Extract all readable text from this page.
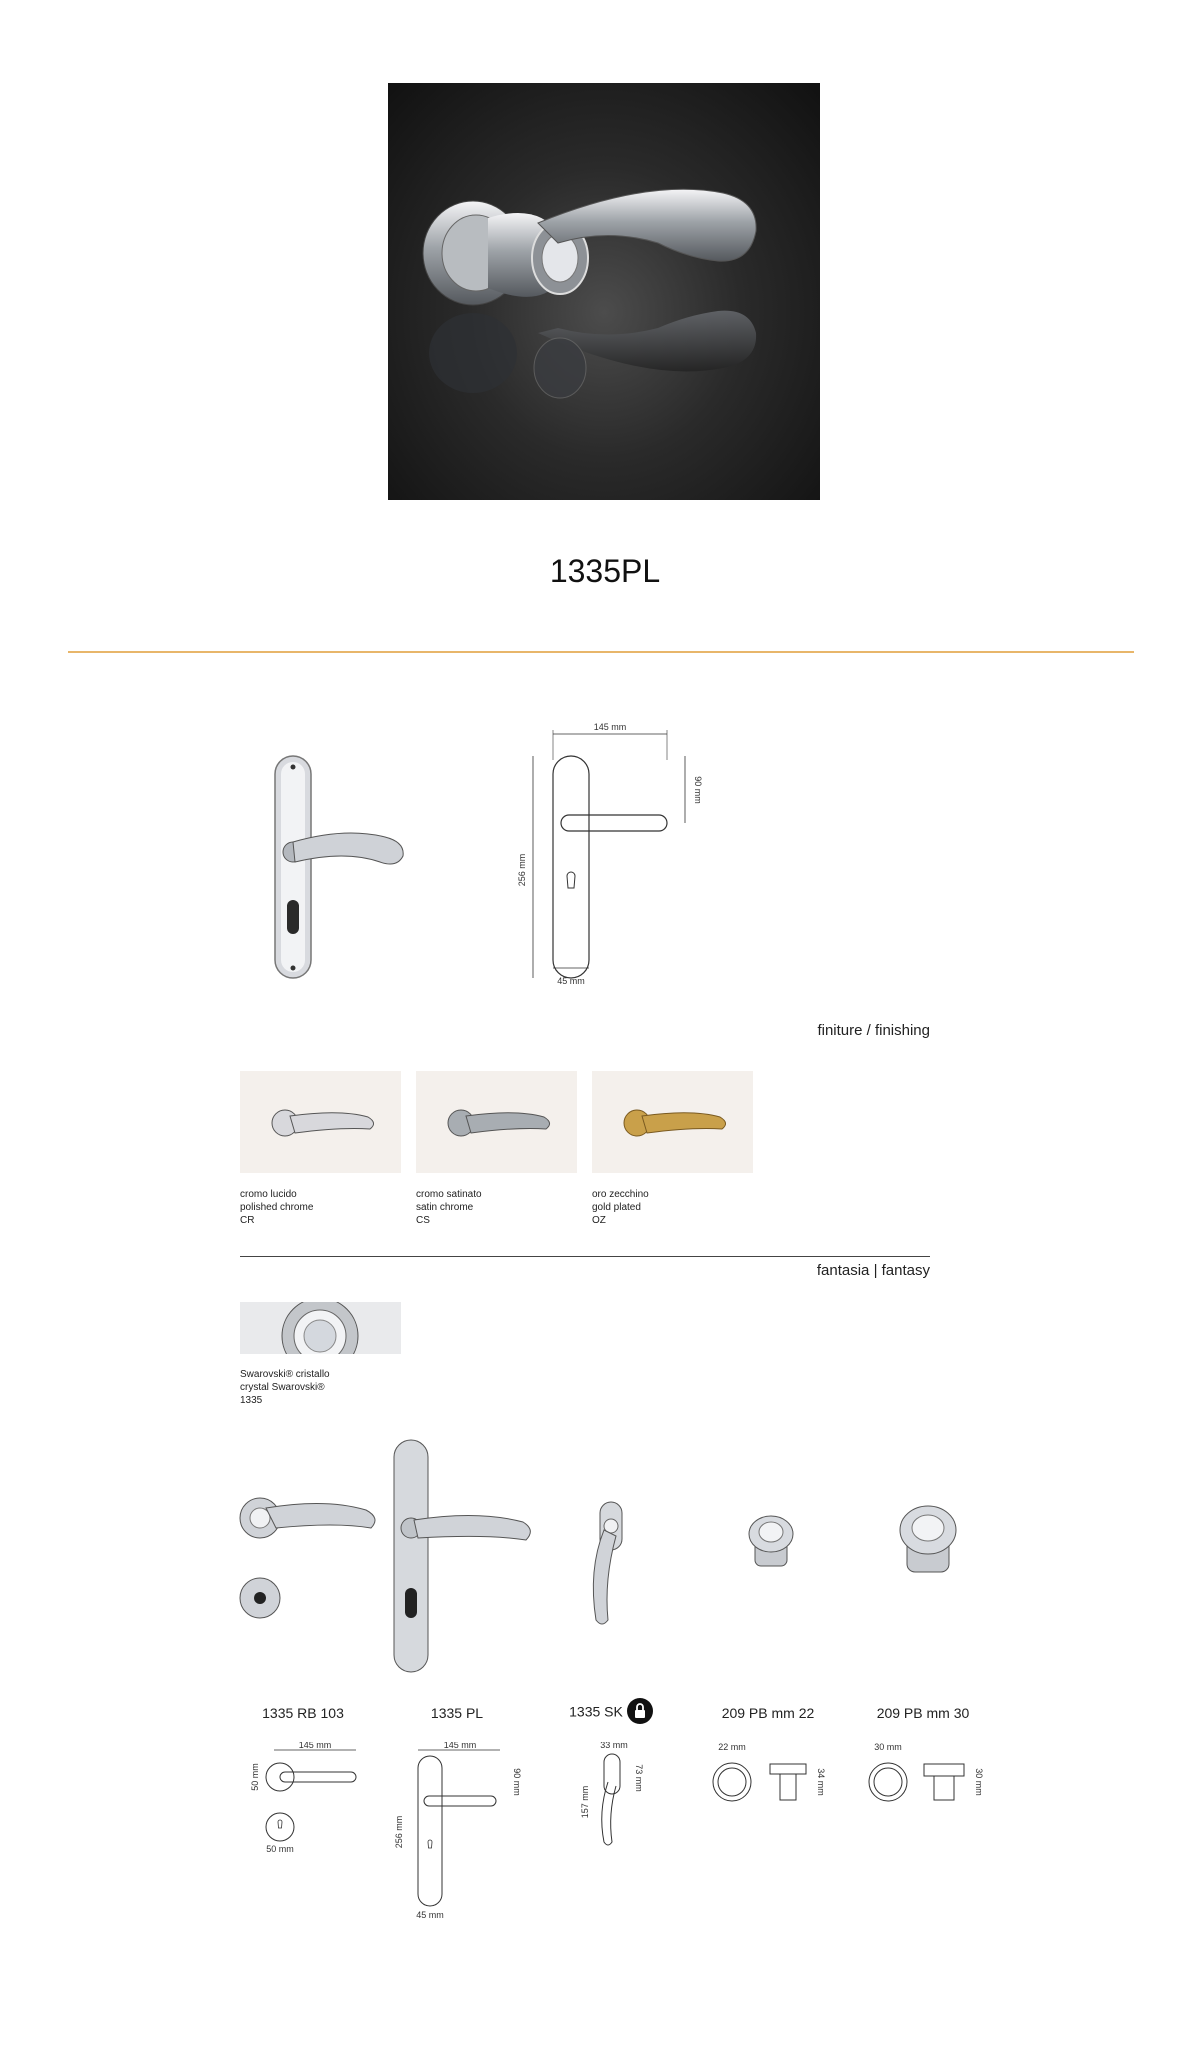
1335PL
145 mm
256 mm
90 mm
45 mm
finiture / finishing
cromo lucido
polished chrome
CR
cromo satinato
satin chrome
CS
oro zecchino
gold plated
OZ
fantasia | fantasy
Swarovski® cristallo
crystal Swarovski®
1335
1335 RB 103	1335 PL	1335 SK	209 PB mm 22	209 PB mm 30
145 mm
50 mm
50 mm
145 mm
256 mm
90 mm
45 mm
33 mm
157 mm
73 mm
22 mm
34 mm
30 mm
30 mm
